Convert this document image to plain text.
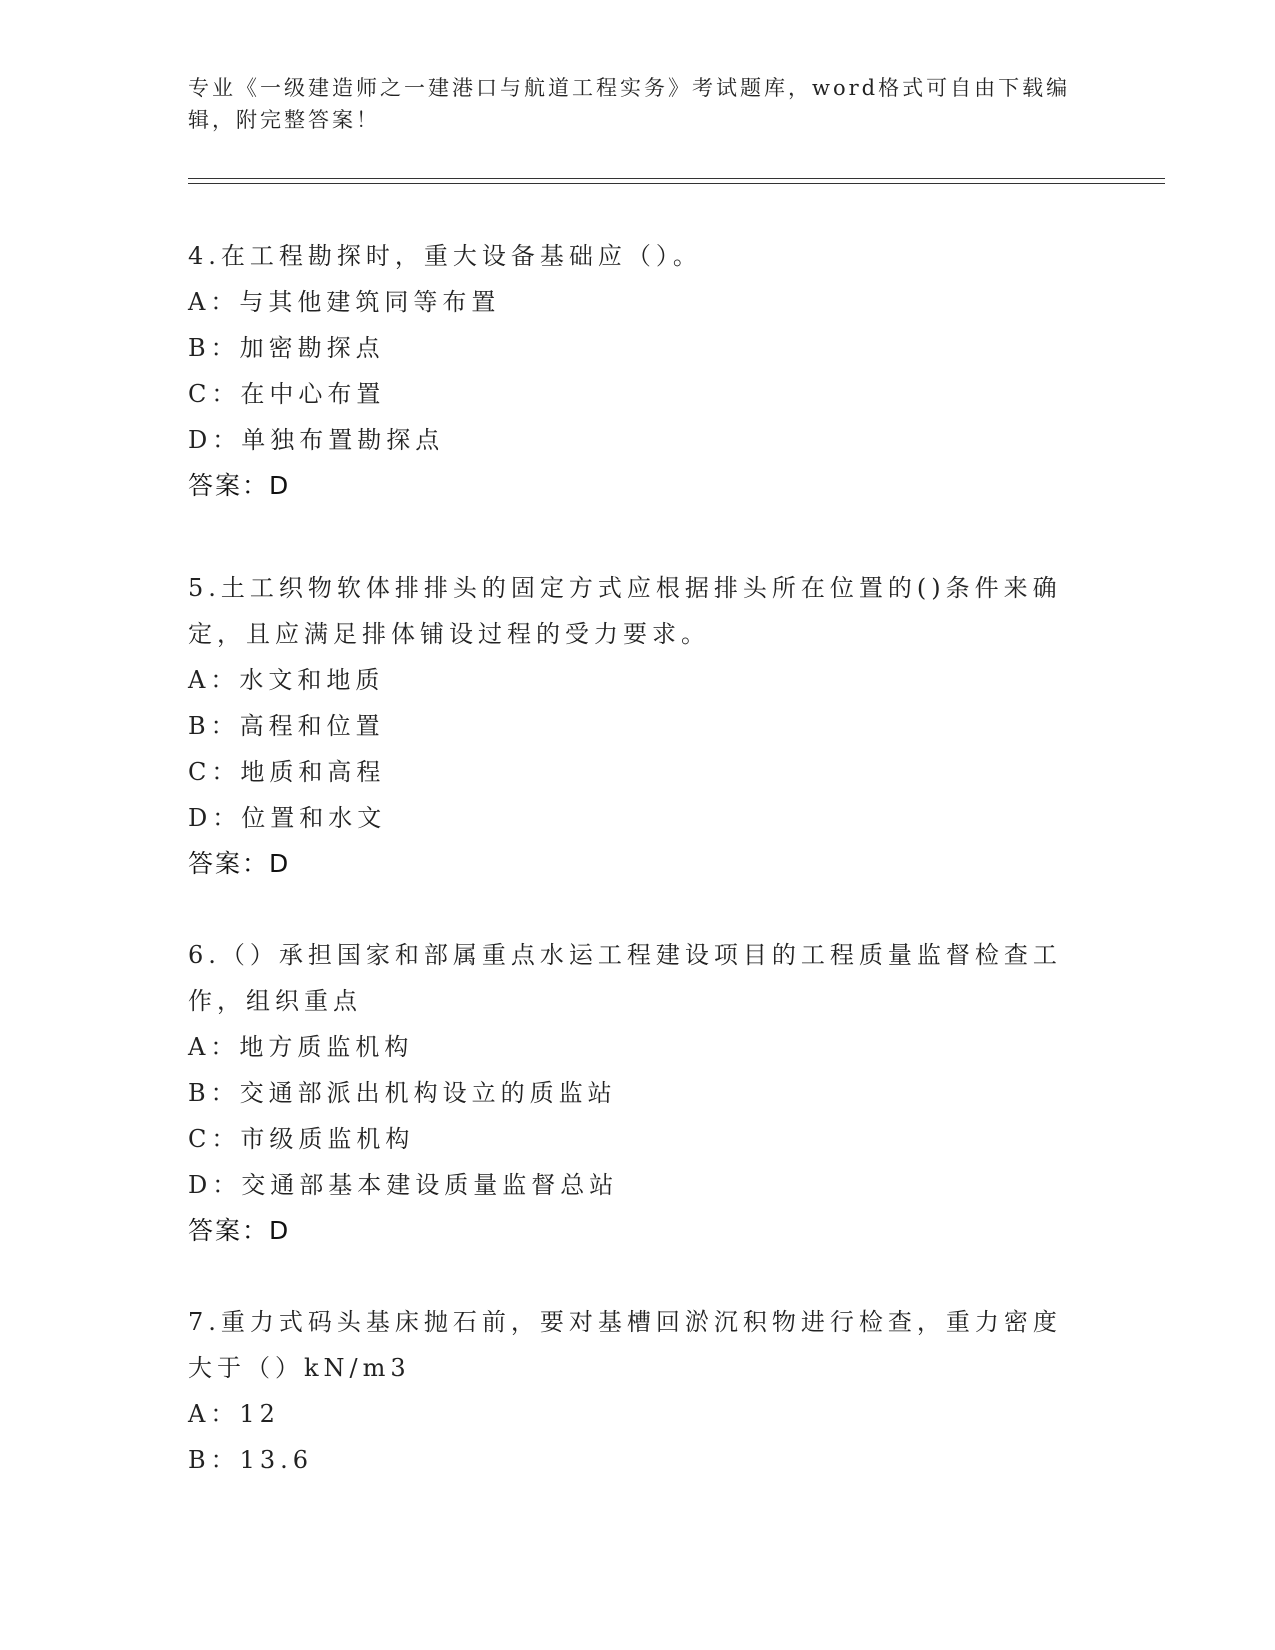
专业《一级建造师之一建港口与航道工程实务》考试题库，word格式可自由下载编辑，附完整答案！

4.在工程勘探时，重大设备基础应（）。

A：与其他建筑同等布置

B：加密勘探点

C：在中心布置

D：单独布置勘探点

答案：D

5.土工织物软体排排头的固定方式应根据排头所在位置的()条件来确定，且应满足排体铺设过程的受力要求。

A：水文和地质

B：高程和位置

C：地质和高程

D：位置和水文

答案：D

6.（）承担国家和部属重点水运工程建设项目的工程质量监督检查工作，组织重点

A：地方质监机构

B：交通部派出机构设立的质监站

C：市级质监机构

D：交通部基本建设质量监督总站

答案：D

7.重力式码头基床抛石前，要对基槽回淤沉积物进行检查，重力密度大于（）kN/m3

A：12

B：13.6
